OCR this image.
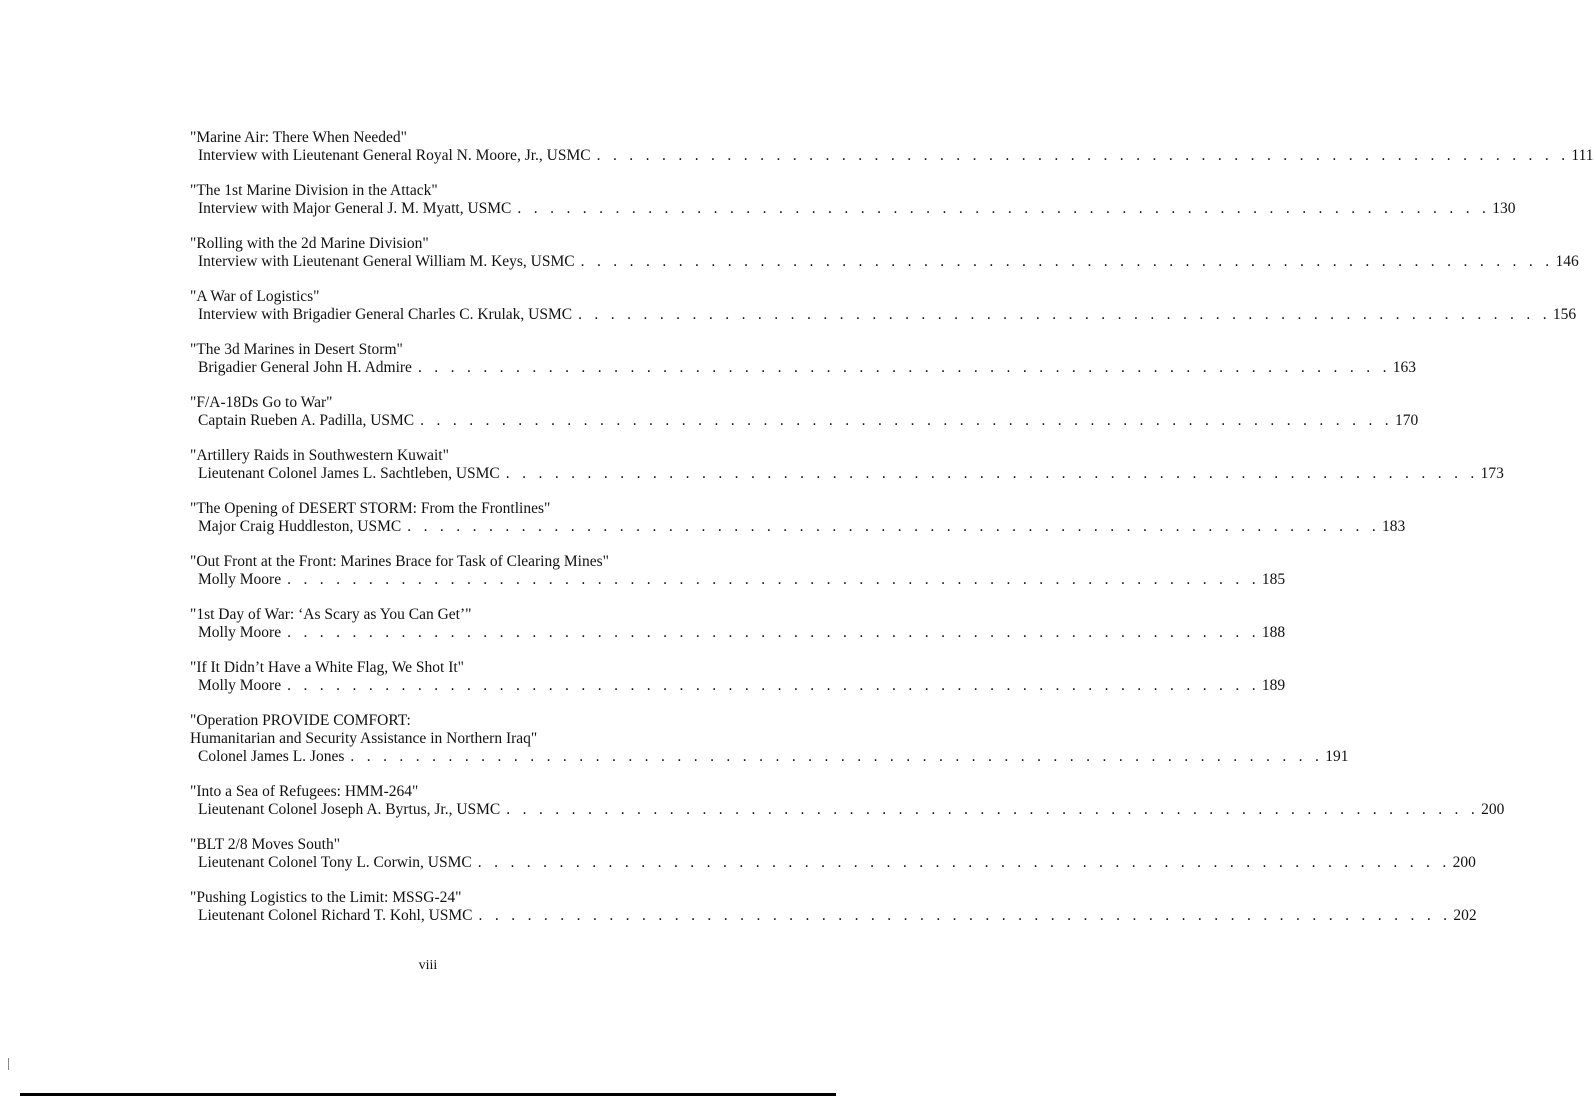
"Marine Air: There When Needed"
Interview with Lieutenant General Royal N. Moore, Jr., USMC . . . . . . . . . . . . . . . . . . . . . . . . . . . . . . . . . . . . . . . . . . . . . . . . . . . . . . . . . . . . 111
"The 1st Marine Division in the Attack"
Interview with Major General J. M. Myatt, USMC . . . . . . . . . . . . . . . . . . . . . . . . . . . . . . . . . . . . . . . . . . . . . . . . . . . . . . . . . . . . 130
"Rolling with the 2d Marine Division"
Interview with Lieutenant General William M. Keys, USMC . . . . . . . . . . . . . . . . . . . . . . . . . . . . . . . . . . . . . . . . . . . . . . . . . . . . . . . . . . . . 146
"A War of Logistics"
Interview with Brigadier General Charles C. Krulak, USMC . . . . . . . . . . . . . . . . . . . . . . . . . . . . . . . . . . . . . . . . . . . . . . . . . . . . . . . . . . . . 156
"The 3d Marines in Desert Storm"
Brigadier General John H. Admire . . . . . . . . . . . . . . . . . . . . . . . . . . . . . . . . . . . . . . . . . . . . . . . . . . . . . . . . . . . . 163
"F/A-18Ds Go to War"
Captain Rueben A. Padilla, USMC . . . . . . . . . . . . . . . . . . . . . . . . . . . . . . . . . . . . . . . . . . . . . . . . . . . . . . . . . . . . 170
"Artillery Raids in Southwestern Kuwait"
Lieutenant Colonel James L. Sachtleben, USMC . . . . . . . . . . . . . . . . . . . . . . . . . . . . . . . . . . . . . . . . . . . . . . . . . . . . . . . . . . . . 173
"The Opening of DESERT STORM: From the Frontlines"
Major Craig Huddleston, USMC . . . . . . . . . . . . . . . . . . . . . . . . . . . . . . . . . . . . . . . . . . . . . . . . . . . . . . . . . . . . 183
"Out Front at the Front: Marines Brace for Task of Clearing Mines"
Molly Moore . . . . . . . . . . . . . . . . . . . . . . . . . . . . . . . . . . . . . . . . . . . . . . . . . . . . . . . . . . . . 185
"1st Day of War: ‘As Scary as You Can Get’"
Molly Moore . . . . . . . . . . . . . . . . . . . . . . . . . . . . . . . . . . . . . . . . . . . . . . . . . . . . . . . . . . . . 188
"If It Didn’t Have a White Flag, We Shot It"
Molly Moore . . . . . . . . . . . . . . . . . . . . . . . . . . . . . . . . . . . . . . . . . . . . . . . . . . . . . . . . . . . . 189
"Operation PROVIDE COMFORT:
Humanitarian and Security Assistance in Northern Iraq"
Colonel James L. Jones . . . . . . . . . . . . . . . . . . . . . . . . . . . . . . . . . . . . . . . . . . . . . . . . . . . . . . . . . . . . 191
"Into a Sea of Refugees: HMM-264"
Lieutenant Colonel Joseph A. Byrtus, Jr., USMC . . . . . . . . . . . . . . . . . . . . . . . . . . . . . . . . . . . . . . . . . . . . . . . . . . . . . . . . . . . . 200
"BLT 2/8 Moves South"
Lieutenant Colonel Tony L. Corwin, USMC . . . . . . . . . . . . . . . . . . . . . . . . . . . . . . . . . . . . . . . . . . . . . . . . . . . . . . . . . . . . 200
"Pushing Logistics to the Limit: MSSG-24"
Lieutenant Colonel Richard T. Kohl, USMC . . . . . . . . . . . . . . . . . . . . . . . . . . . . . . . . . . . . . . . . . . . . . . . . . . . . . . . . . . . . 202
viii
